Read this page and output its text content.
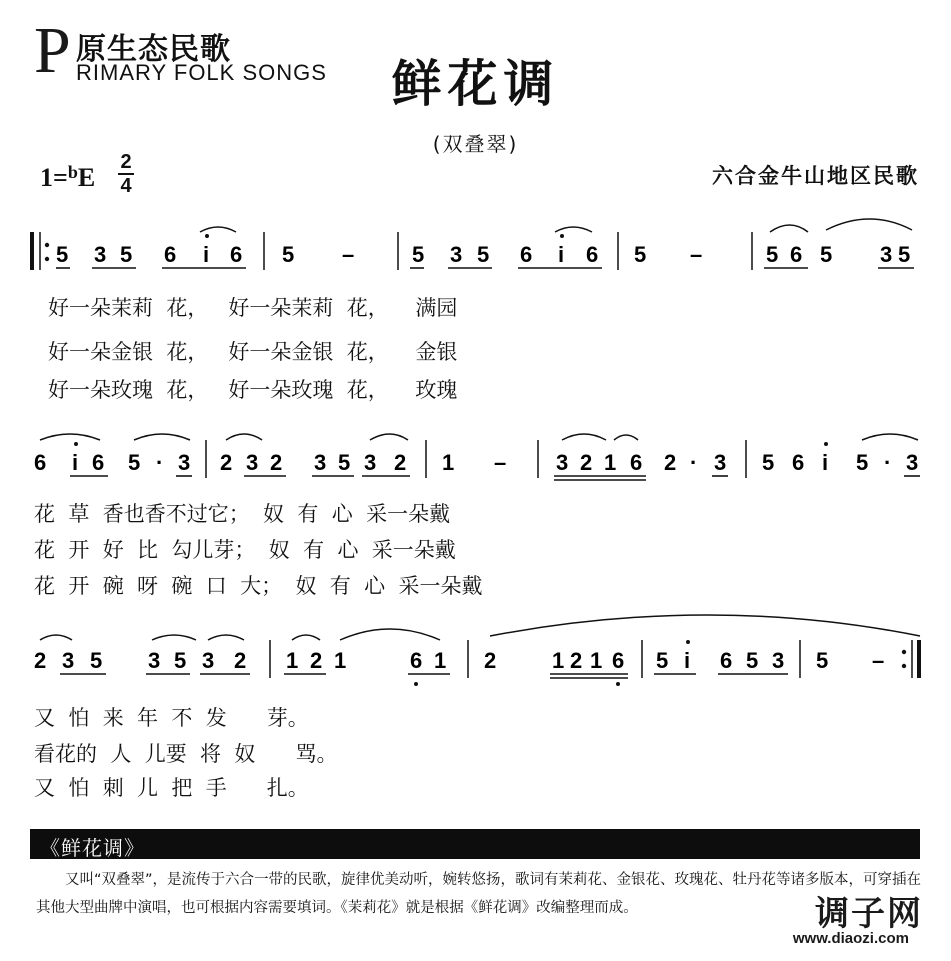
P 原生态民歌
RIMARY FOLK SONGS	鲜花调
(双叠翠)
1=$^b$E
2
4	六合金牛山地区民歌
5 3 5 6 i 6 5 –	5 3 5 6 i 6 5 –	5 6 5 3 5
6 i 6 5 · 3 2 3 2 3 5 3 2 1 – 3 2 1 6 2 · 3 5 6 i 5 · 3
2 3 5 3 5 3 2 1 2 1	6 1 2	1 2 1 6 5 i 6 5 3 5 –
好一朵茉莉  花，   好一朵茉莉  花，    满园
好一朵金银  花，   好一朵金银  花，    金银
好一朵玫瑰  花，   好一朵玫瑰  花，    玫瑰
花  草  香也香不过它；  奴  有  心  采一朵戴
花  开  好  比  勾儿芽；  奴  有  心  采一朵戴
花  开  碗  呀  碗  口  大；  奴  有  心  采一朵戴
又  怕  来  年  不  发      芽。
看花的  人  儿要  将  奴      骂。
又  怕  刺  儿  把  手      扎。
《鲜花调》
又叫“双叠翠”，是流传于六合一带的民歌，旋律优美动听，婉转悠扬，歌词有茉莉花、金银花、玫瑰花、牡丹花等诸多版本，可穿插在其他大型曲牌中演唱，也可根据内容需要填词。《茉莉花》就是根据《鲜花调》改编整理而成。	调子网
www.diaozi.com
